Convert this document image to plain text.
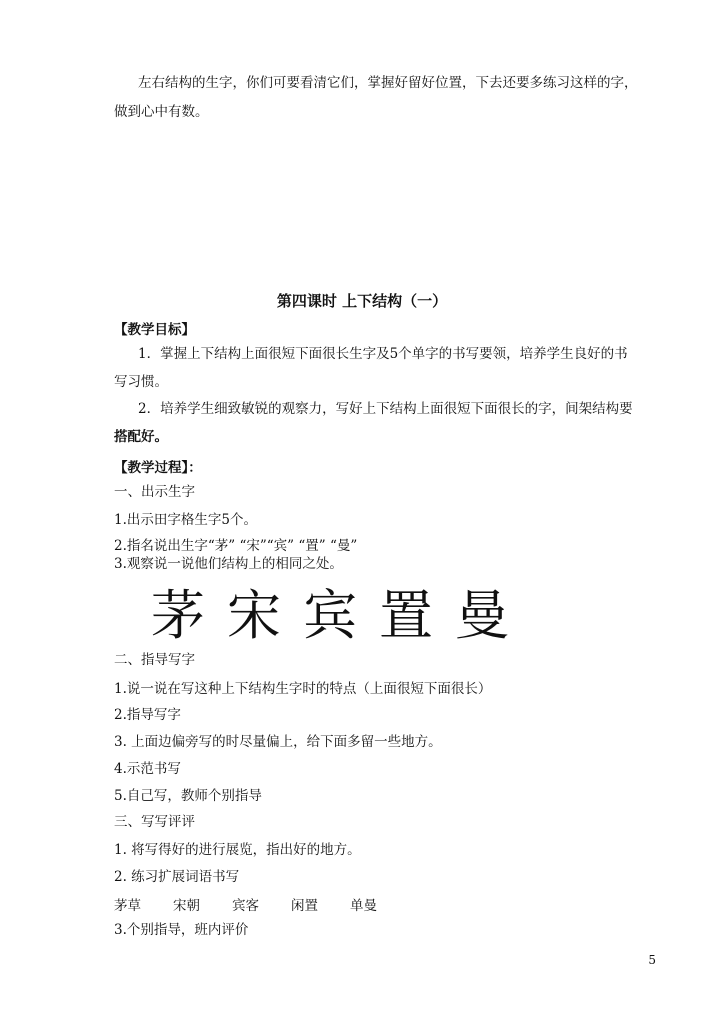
左右结构的生字，你们可要看清它们，掌握好留好位置，下去还要多练习这样的字，
做到心中有数。
第四课时 上下结构（一）
【教学目标】
1．掌握上下结构上面很短下面很长生字及5个单字的书写要领，培养学生良好的书
写习惯。
2．培养学生细致敏锐的观察力，写好上下结构上面很短下面很长的字，间架结构要
搭配好。
【教学过程】：
一、出示生字
1.出示田字格生字5个。
2.指名说出生字“茅” “宋”“宾” “置” “曼”
3.观察说一说他们结构上的相同之处。
茅 宋 宾 置 曼
二、指导写字
1.说一说在写这种上下结构生字时的特点（上面很短下面很长）
2.指导写字
3. 上面边偏旁写的时尽量偏上，给下面多留一些地方。
4.示范书写
5.自己写，教师个别指导
三、写写评评
1. 将写得好的进行展览，指出好的地方。
2. 练习扩展词语书写
茅草 宋朝 宾客 闲置 单曼
3.个别指导，班内评价
5
